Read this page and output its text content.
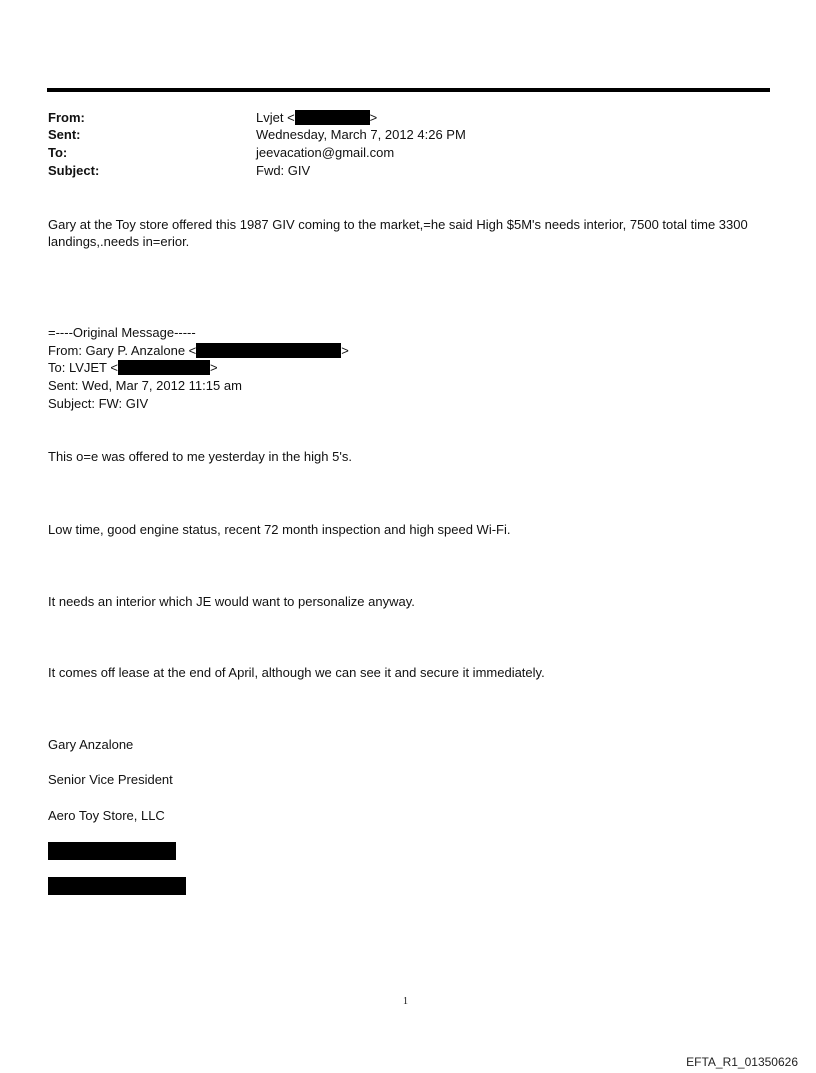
From:	Lvjet <	>
Sent:	Wednesday, March 7, 2012 4:26 PM
To:	jeevacation@gmail.com
Subject:	Fwd: GIV
Gary at the Toy store offered this 1987 GIV coming to the market,=he said High $5M's needs interior, 7500 total time 3300 landings,.needs in=erior.
=----Original Message-----
From: Gary P. Anzalone <	>
To: LVJET <	>
Sent: Wed, Mar 7, 2012 11:15 am
Subject: FW: GIV
This o=e was offered to me yesterday in the high 5's.
Low time, good engine status, recent 72 month inspection and high speed Wi-Fi.
It needs an interior which JE would want to personalize anyway.
It comes off lease at the end of April, although we can see it and secure it immediately.
Gary Anzalone
Senior Vice President
Aero Toy Store, LLC
1
EFTA_R1_01350626
